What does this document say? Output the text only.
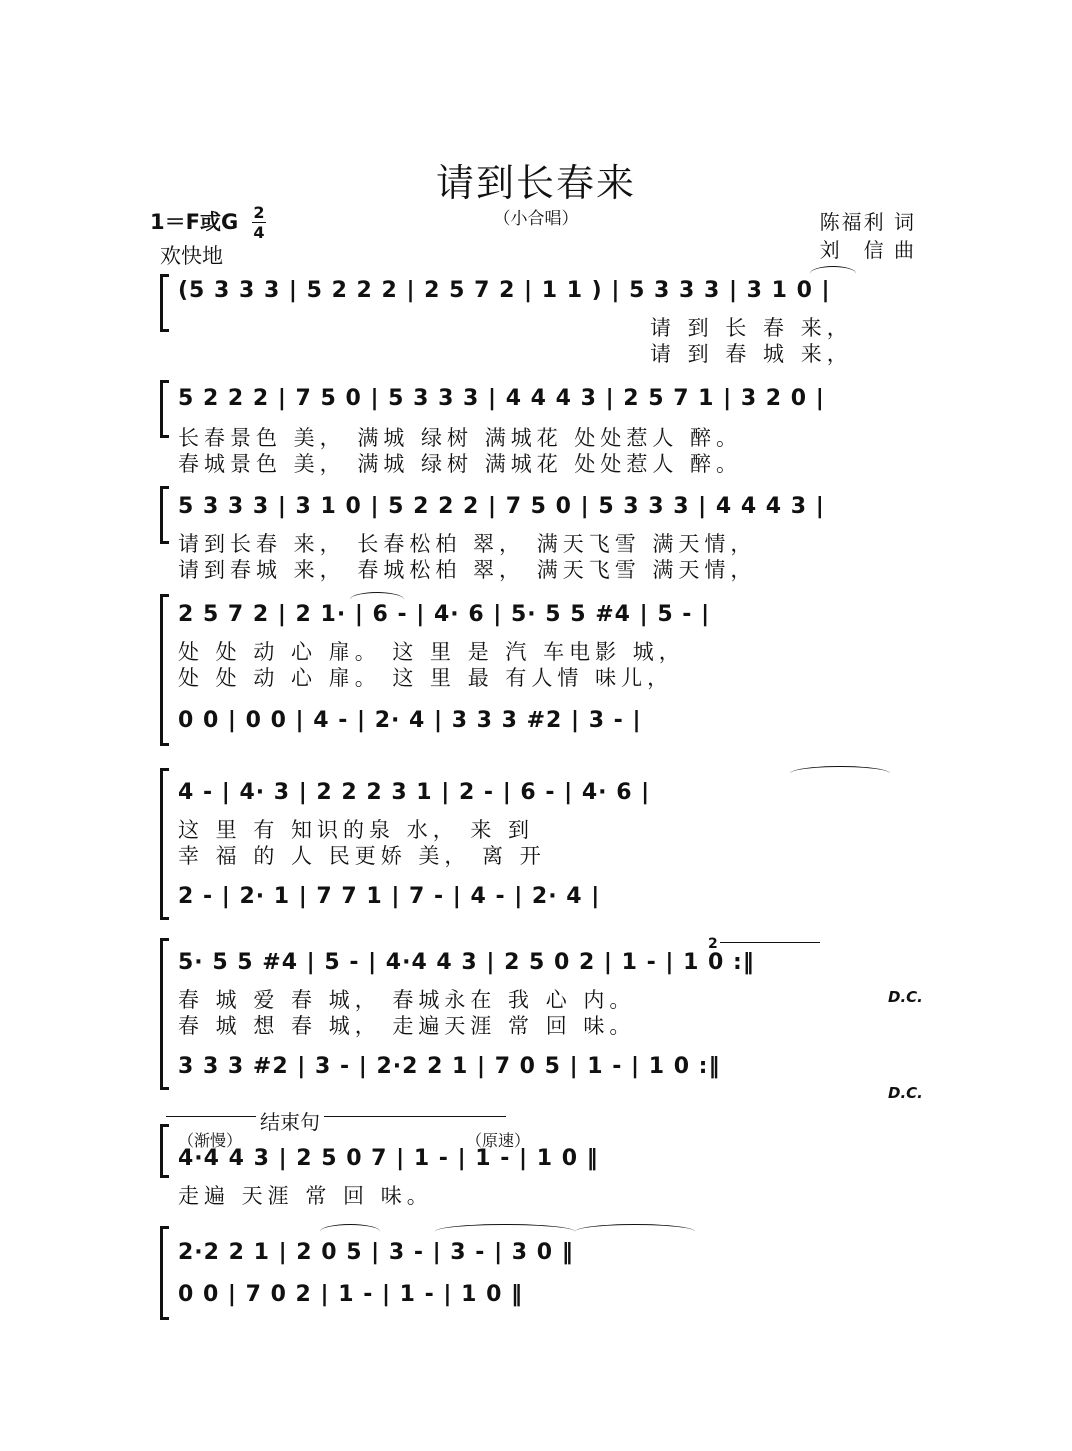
请到长春来
（小合唱）
1＝F或G 2
4
欢快地
陈福利 词
刘　信 曲
(5 3 3 3 | 5 2 2 2 | 2 5 7 2 | 1 1 ) | 5 3 3 3 | 3 1 0 |
请 到 长 春 来，
请 到 春 城 来，
5 2 2 2 | 7 5 0 | 5 3 3 3 | 4 4 4 3 | 2 5 7 1 | 3 2 0 |
长春景色 美， 满城 绿树 满城花 处处惹人 醉。
春城景色 美， 满城 绿树 满城花 处处惹人 醉。
5 3 3 3 | 3 1 0 | 5 2 2 2 | 7 5 0 | 5 3 3 3 | 4 4 4 3 |
请到长春 来， 长春松柏 翠， 满天飞雪 满天情，
请到春城 来， 春城松柏 翠， 满天飞雪 满天情，
2 5 7 2 | 2 1· | 6 - | 4· 6 | 5· 5 5 #4 | 5 - |
处 处 动 心 扉。 这 里 是 汽 车电影 城，
处 处 动 心 扉。 这 里 最 有人情 味儿，
0 0 | 0 0 | 4 - | 2· 4 | 3 3 3 #2 | 3 - |
4 - | 4· 3 | 2 2 2 3 1 | 2 - | 6 - | 4· 6 |
这 里 有 知识的泉 水， 来 到
幸 福 的 人 民更娇 美， 离 开
2 - | 2· 1 | 7 7 1 | 7 - | 4 - | 2· 4 |
5· 5 5 #4 | 5 - | 4·4 4 3 | 2 5 0 2 | 1 - | 1 0 :‖
春 城 爱 春 城， 春城永在 我 心 内。
春 城 想 春 城， 走遍天涯 常 回 味。
3 3 3 #2 | 3 - | 2·2 2 1 | 7 0 5 | 1 - | 1 0 :‖
2
D.C.
D.C.
结束句
（渐慢）	（原速）
4·4 4 3 | 2 5 0 7 | 1 - | 1 - | 1 0 ‖
走遍 天涯 常 回 味。
2·2 2 1 | 2 0 5 | 3 - | 3 - | 3 0 ‖
0 0 | 7 0 2 | 1 - | 1 - | 1 0 ‖
